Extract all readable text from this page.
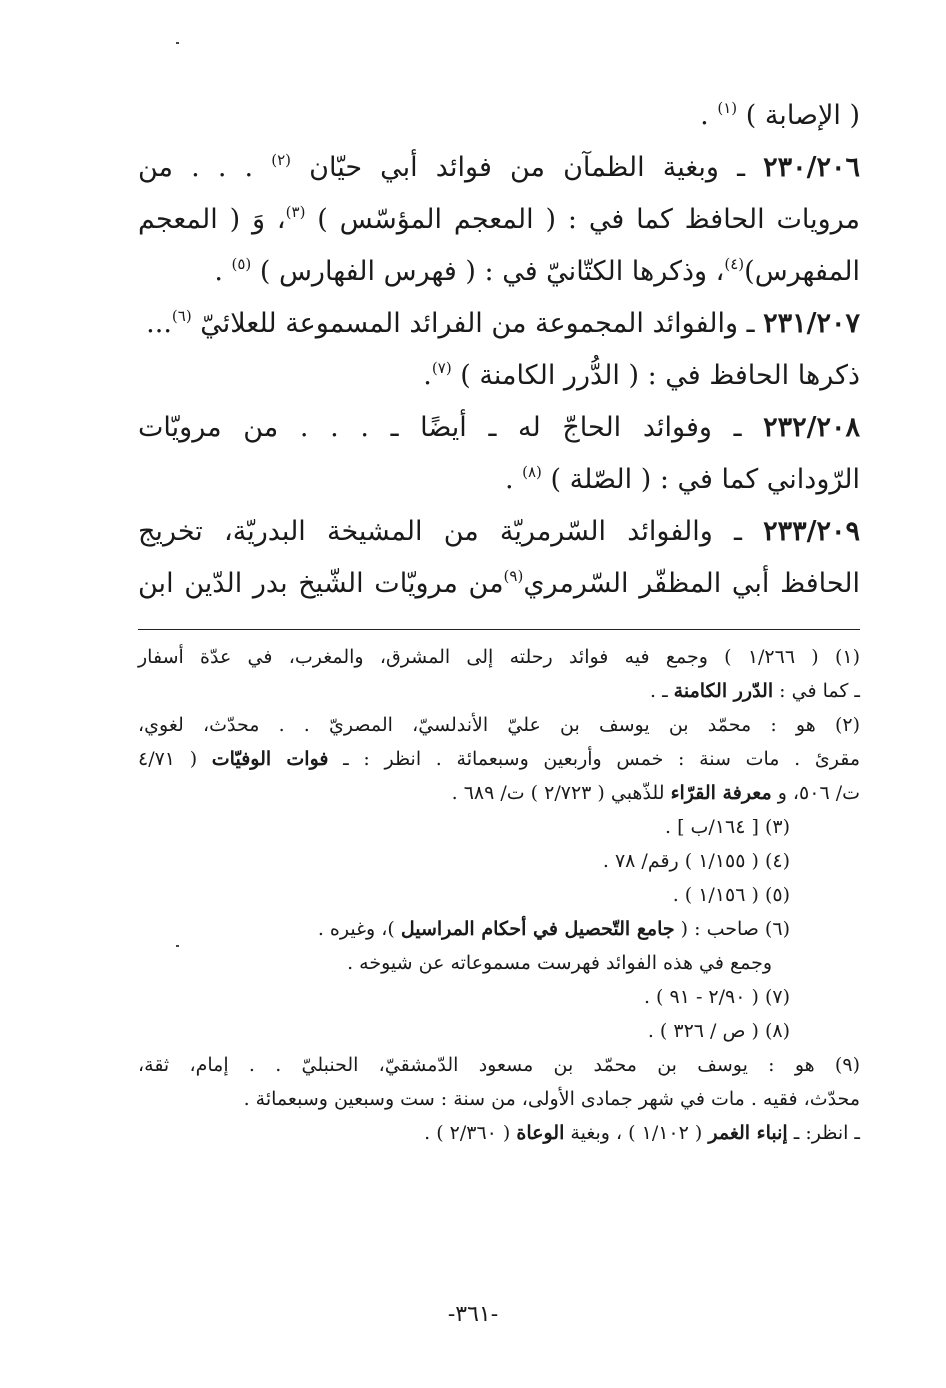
( الإصابة ) $^{(١)}$ .

٢٣٠/٢٠٦ ـ وبغية الظمآن من فوائد أبي حيّان $^{(٢)}$ . . . من

مرويات الحافظ كما في : ( المعجم المؤسّس ) $^{(٣)}$، وَ ( المعجم

المفهرس)$^{(٤)}$، وذكرها الكتّانيّ في : ( فهرس الفهارس ) $^{(٥)}$ .

٢٣١/٢٠٧ ـ والفوائد المجموعة من الفرائد المسموعة للعلائيّ $^{(٦)}$...

ذكرها الحافظ في : ( الدُّرر الكامنة ) $^{(٧)}$.

٢٣٢/٢٠٨ ـ وفوائد الحاجّ له ـ أيضًا ـ . . . من مرويّات

الرّوداني كما في : ( الصّلة ) $^{(٨)}$ .

٢٣٣/٢٠٩ ـ والفوائد السّرمريّة من المشيخة البدريّة، تخريج

الحافظ أبي المظفّر السّرمري$^{(٩)}$من مرويّات الشّيخ بدر الدّين ابن

(١) ( ١/٢٦٦ ) وجمع فيه فوائد رحلته إلى المشرق، والمغرب، في عدّة أسفار

ـ كما في : الدّرر الكامنة ـ .

(٢) هو : محمّد بن يوسف بن عليّ الأندلسيّ، المصريّ . . محدّث، لغوي،

مقرئ . مات سنة : خمس وأربعين وسبعمائة . انظر : ـ فوات الوفيّات ( ٤/٧١

ت/ ٥٠٦، و معرفة القرّاء للذّهبي ( ٢/٧٢٣ ) ت/ ٦٨٩ .

(٣) [ ١٦٤/ب ] .

(٤) ( ١/١٥٥ ) رقم/ ٧٨ .

(٥) ( ١/١٥٦ ) .

(٦) صاحب : ( جامع التّحصيل في أحكام المراسيل )، وغيره .

وجمع في هذه الفوائد فهرست مسموعاته عن شيوخه .

(٧) ( ٢/٩٠ - ٩١ ) .

(٨) ( ص / ٣٢٦ ) .

(٩) هو : يوسف بن محمّد بن مسعود الدّمشقيّ، الحنبليّ . . إمام، ثقة،

محدّث، فقيه . مات في شهر جمادى الأولى، من سنة : ست وسبعين وسبعمائة .

ـ انظر: ـ إنباء الغمر ( ١/١٠٢ ) ، وبغية الوعاة ( ٢/٣٦٠ ) .

-٣٦١-
